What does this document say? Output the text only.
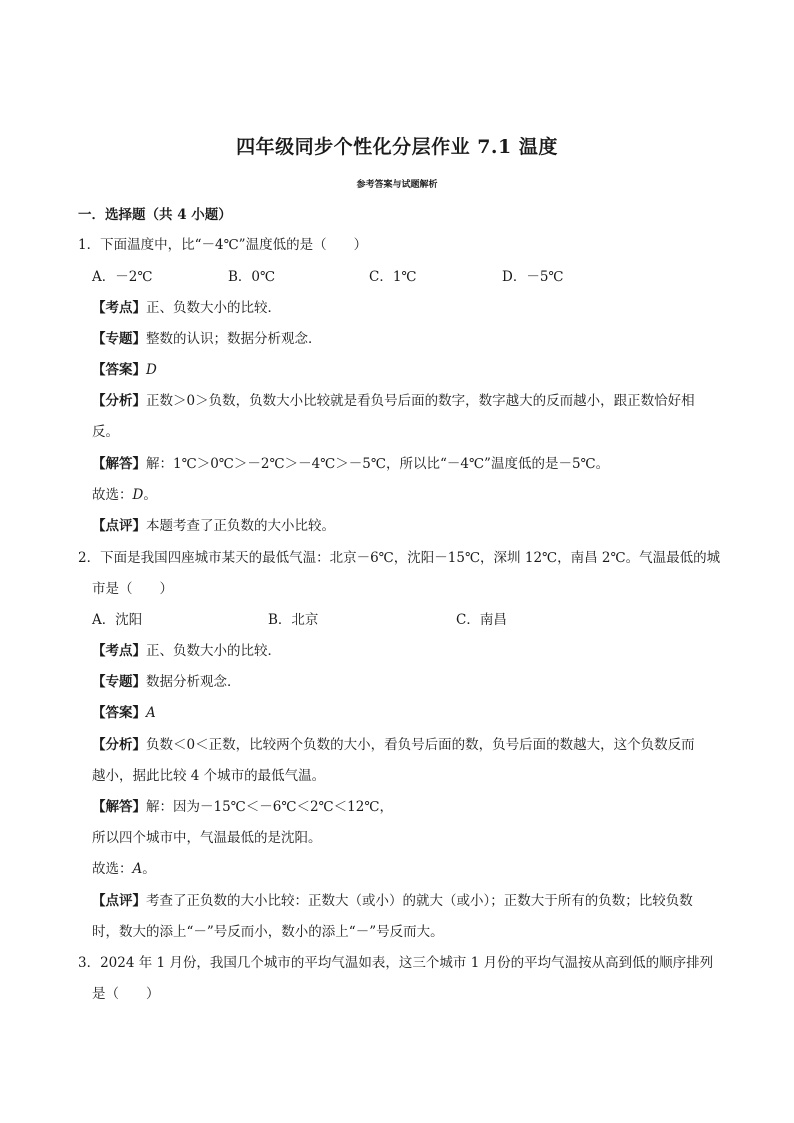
四年级同步个性化分层作业 7.1 温度
参考答案与试题解析
一．选择题（共 4 小题）
1．下面温度中，比“－4℃”温度低的是（　　）
A．－2℃	B．0℃	C．1℃	D．－5℃
【考点】正、负数大小的比较．
【专题】整数的认识；数据分析观念．
【答案】D
【分析】正数＞0＞负数，负数大小比较就是看负号后面的数字，数字越大的反而越小，跟正数恰好相
反。
【解答】解：1℃＞0℃＞－2℃＞－4℃＞－5℃，所以比“－4℃”温度低的是－5℃。
故选：D。
【点评】本题考查了正负数的大小比较。
2．下面是我国四座城市某天的最低气温：北京－6℃，沈阳－15℃，深圳 12℃，南昌 2℃。气温最低的城
市是（　　）
A．沈阳	B．北京	C．南昌
【考点】正、负数大小的比较．
【专题】数据分析观念．
【答案】A
【分析】负数＜0＜正数，比较两个负数的大小，看负号后面的数，负号后面的数越大，这个负数反而
越小，据此比较 4 个城市的最低气温。
【解答】解：因为－15℃＜－6℃＜2℃＜12℃，
所以四个城市中，气温最低的是沈阳。
故选：A。
【点评】考查了正负数的大小比较：正数大（或小）的就大（或小）；正数大于所有的负数；比较负数
时，数大的添上“－”号反而小，数小的添上“－”号反而大。
3．2024 年 1 月份，我国几个城市的平均气温如表，这三个城市 1 月份的平均气温按从高到低的顺序排列
是（　　）
